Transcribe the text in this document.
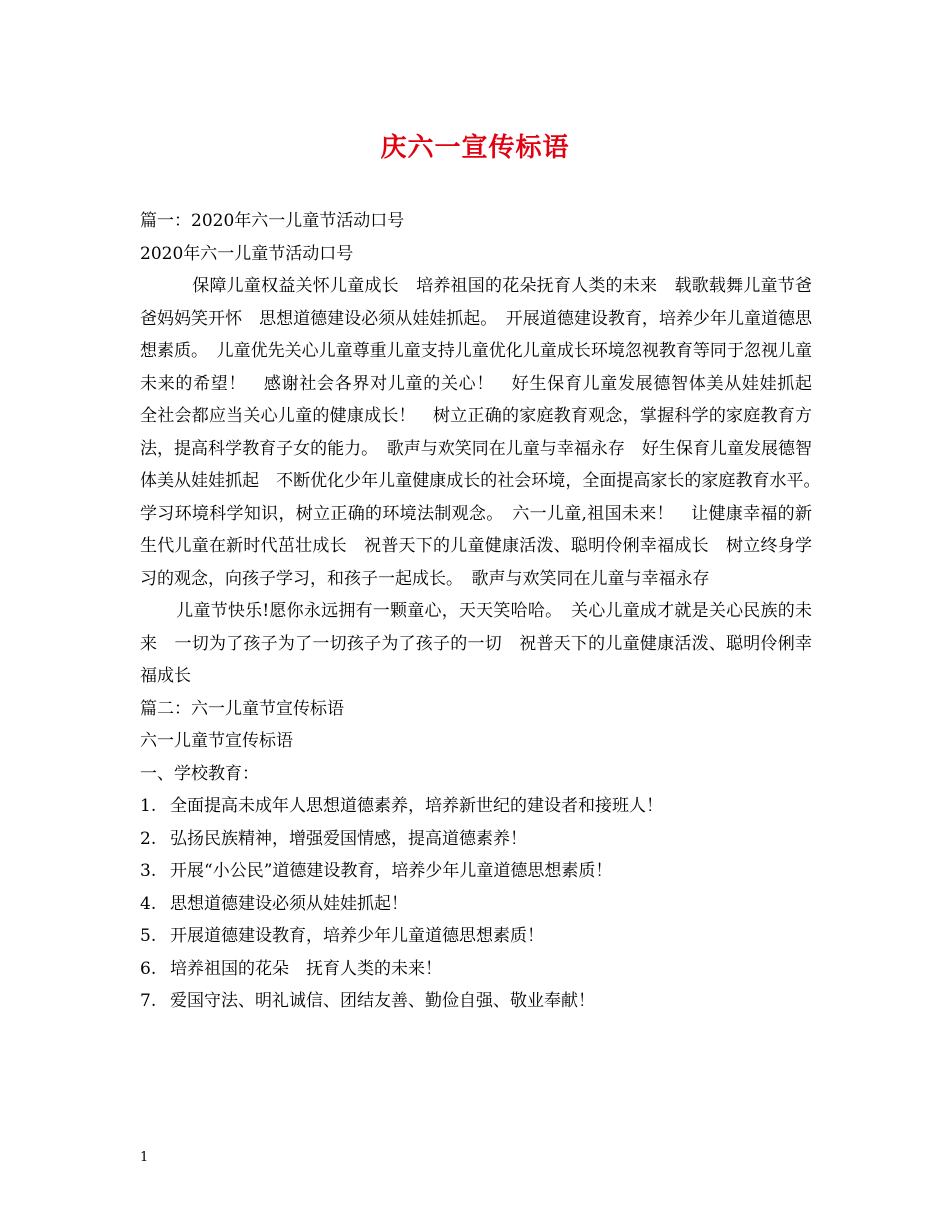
庆六一宣传标语

篇一：2020年六一儿童节活动口号

2020年六一儿童节活动口号

保障儿童权益关怀儿童成长　培养祖国的花朵抚育人类的未来　载歌载舞儿童节爸爸妈妈笑开怀　思想道德建设必须从娃娃抓起。　开展道德建设教育，培养少年儿童道德思想素质。　儿童优先关心儿童尊重儿童支持儿童优化儿童成长环境忽视教育等同于忽视儿童未来的希望！　感谢社会各界对儿童的关心！　好生保育儿童发展德智体美从娃娃抓起　全社会都应当关心儿童的健康成长！　树立正确的家庭教育观念，掌握科学的家庭教育方法，提高科学教育子女的能力。　歌声与欢笑同在儿童与幸福永存　好生保育儿童发展德智体美从娃娃抓起　不断优化少年儿童健康成长的社会环境，全面提高家长的家庭教育水平。　学习环境科学知识，树立正确的环境法制观念。　六一儿童,祖国未来！　让健康幸福的新生代儿童在新时代茁壮成长　祝普天下的儿童健康活泼、聪明伶俐幸福成长　树立终身学习的观念，向孩子学习，和孩子一起成长。　歌声与欢笑同在儿童与幸福永存

儿童节快乐!愿你永远拥有一颗童心，天天笑哈哈。　关心儿童成才就是关心民族的未来　一切为了孩子为了一切孩子为了孩子的一切　祝普天下的儿童健康活泼、聪明伶俐幸福成长

篇二：六一儿童节宣传标语

六一儿童节宣传标语

一、学校教育：

1. 全面提高未成年人思想道德素养，培养新世纪的建设者和接班人！

2. 弘扬民族精神，增强爱国情感，提高道德素养！

3. 开展“小公民”道德建设教育，培养少年儿童道德思想素质！

4. 思想道德建设必须从娃娃抓起！

5. 开展道德建设教育，培养少年儿童道德思想素质！

6. 培养祖国的花朵　抚育人类的未来！

7. 爱国守法、明礼诚信、团结友善、勤俭自强、敬业奉献！

1
